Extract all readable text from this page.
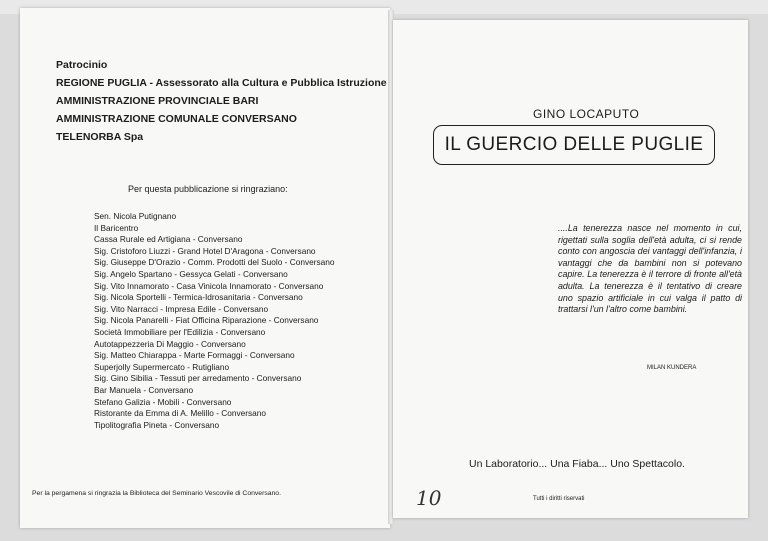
Patrocinio
REGIONE PUGLIA - Assessorato alla Cultura e Pubblica Istruzione
AMMINISTRAZIONE PROVINCIALE BARI
AMMINISTRAZIONE COMUNALE CONVERSANO
TELENORBA Spa
Per questa pubblicazione si ringraziano:
Sen. Nicola Putignano
Il Baricentro
Cassa Rurale ed Artigiana - Conversano
Sig. Cristoforo Liuzzi - Grand Hotel D'Aragona - Conversano
Sig. Giuseppe D'Orazio - Comm. Prodotti del Suolo - Conversano
Sig. Angelo Spartano - Gessyca Gelati - Conversano
Sig. Vito Innamorato - Casa Vinicola Innamorato - Conversano
Sig. Nicola Sportelli - Termica-Idrosanitaria - Conversano
Sig. Vito Narracci - Impresa Edile - Conversano
Sig. Nicola Panarelli - Fiat Officina Riparazione - Conversano
Società Immobiliare per l'Edilizia - Conversano
Autotappezzeria Di Maggio - Conversano
Sig. Matteo Chiarappa - Marte Formaggi - Conversano
Superjolly Supermercato - Rutigliano
Sig. Gino Sibilia - Tessuti per arredamento - Conversano
Bar Manuela - Conversano
Stefano Galizia - Mobili - Conversano
Ristorante da Emma di A. Melillo - Conversano
Tipolitografia Pineta - Conversano
Per la pergamena si ringrazia la Biblioteca del Seminario Vescovile di Conversano.
GINO LOCAPUTO
IL GUERCIO DELLE PUGLIE
....La tenerezza nasce nel momento in cui, rigettati sulla soglia dell'età adulta, ci si rende conto con angoscia dei vantaggi dell'infanzia, i vantaggi che da bambini non si potevano capire. La tenerezza è il terrore di fronte all'età adulta. La tenerezza è il tentativo di creare uno spazio artificiale in cui valga il patto di trattarsi l'un l'altro come bambini.
MILAN KUNDERA
Un Laboratorio... Una Fiaba... Uno Spettacolo.
10	Tutti i diritti riservati
